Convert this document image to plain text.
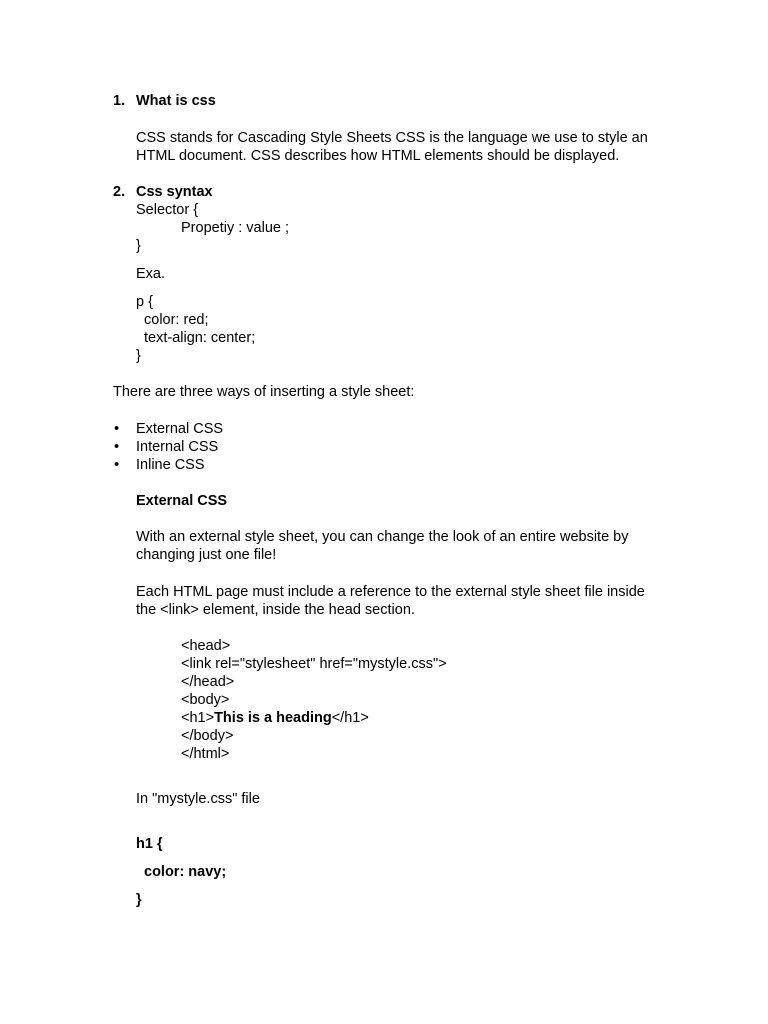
1. What is css
CSS stands for Cascading Style Sheets CSS is the language we use to style an
HTML document. CSS describes how HTML elements should be displayed.
2. Css syntax
Selector {
Propetiy : value ;
}
Exa.
p {
color: red;
text-align: center;
}
There are three ways of inserting a style sheet:
• External CSS
• Internal CSS
• Inline CSS
External CSS
With an external style sheet, you can change the look of an entire website by
changing just one file!
Each HTML page must include a reference to the external style sheet file inside
the <link> element, inside the head section.
<head>
<link rel="stylesheet" href="mystyle.css">
</head>
<body>
<h1>This is a heading</h1>
</body>
</html>
In "mystyle.css" file
h1 {
color: navy;
}
